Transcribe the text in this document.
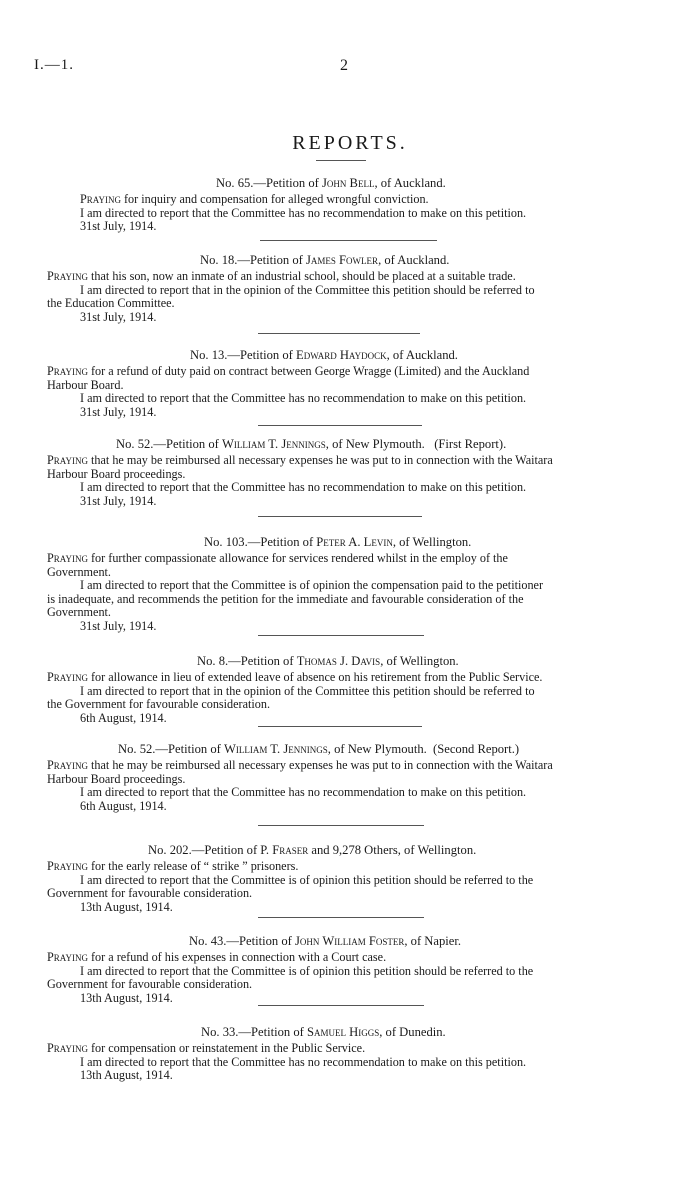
I.—1.	2
REPORTS.
No. 65.—Petition of John Bell, of Auckland.
Praying for inquiry and compensation for alleged wrongful conviction.
I am directed to report that the Committee has no recommendation to make on this petition.
31st July, 1914.
No. 18.—Petition of James Fowler, of Auckland.
Praying that his son, now an inmate of an industrial school, should be placed at a suitable trade.
I am directed to report that in the opinion of the Committee this petition should be referred to
the Education Committee.
31st July, 1914.
No. 13.—Petition of Edward Haydock, of Auckland.
Praying for a refund of duty paid on contract between George Wragge (Limited) and the Auckland
Harbour Board.
I am directed to report that the Committee has no recommendation to make on this petition.
31st July, 1914.
No. 52.—Petition of William T. Jennings, of New Plymouth.   (First Report).
Praying that he may be reimbursed all necessary expenses he was put to in connection with the Waitara
Harbour Board proceedings.
I am directed to report that the Committee has no recommendation to make on this petition.
31st July, 1914.
No. 103.—Petition of Peter A. Levin, of Wellington.
Praying for further compassionate allowance for services rendered whilst in the employ of the
Government.
I am directed to report that the Committee is of opinion the compensation paid to the petitioner
is inadequate, and recommends the petition for the immediate and favourable consideration of the
Government.
31st July, 1914.
No. 8.—Petition of Thomas J. Davis, of Wellington.
Praying for allowance in lieu of extended leave of absence on his retirement from the Public Service.
I am directed to report that in the opinion of the Committee this petition should be referred to
the Government for favourable consideration.
6th August, 1914.
No. 52.—Petition of William T. Jennings, of New Plymouth.  (Second Report.)
Praying that he may be reimbursed all necessary expenses he was put to in connection with the Waitara
Harbour Board proceedings.
I am directed to report that the Committee has no recommendation to make on this petition.
6th August, 1914.
No. 202.—Petition of P. Fraser and 9,278 Others, of Wellington.
Praying for the early release of “ strike ” prisoners.
I am directed to report that the Committee is of opinion this petition should be referred to the
Government for favourable consideration.
13th August, 1914.
No. 43.—Petition of John William Foster, of Napier.
Praying for a refund of his expenses in connection with a Court case.
I am directed to report that the Committee is of opinion this petition should be referred to the
Government for favourable consideration.
13th August, 1914.
No. 33.—Petition of Samuel Higgs, of Dunedin.
Praying for compensation or reinstatement in the Public Service.
I am directed to report that the Committee has no recommendation to make on this petition.
13th August, 1914.
